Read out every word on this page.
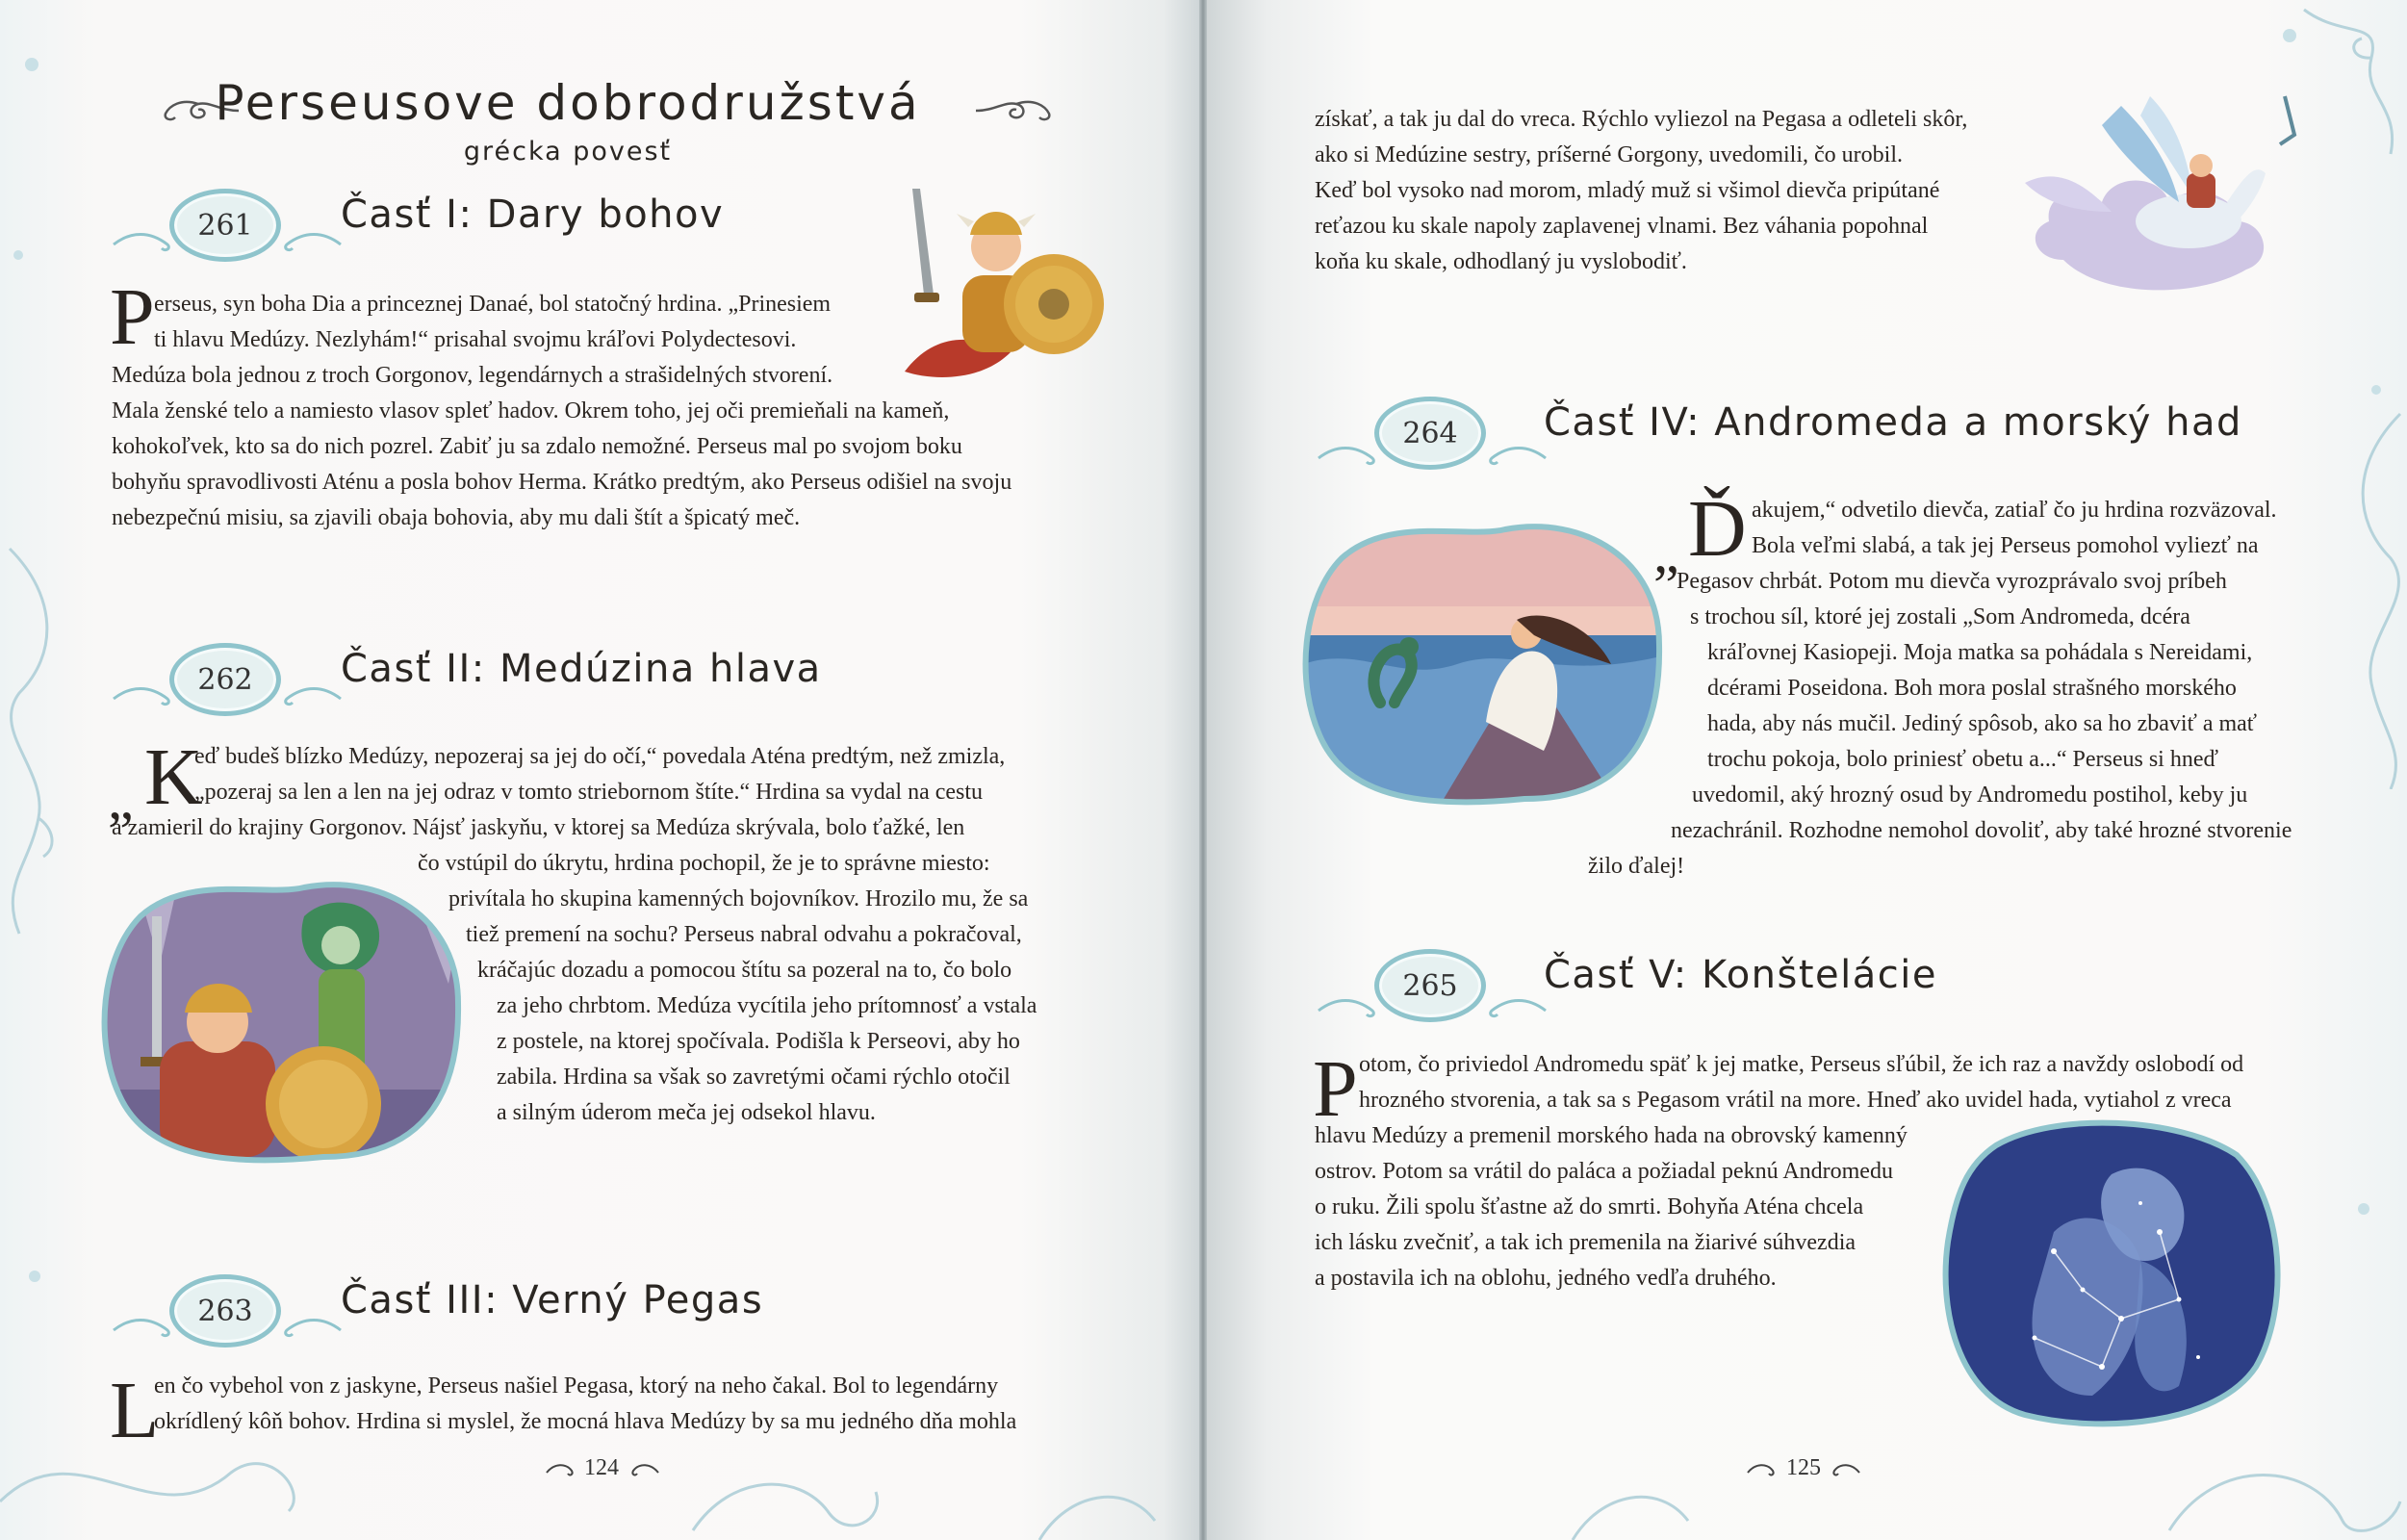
Perseusove dobrodružstvá
grécka povesť
261	Časť I: Dary bohov
P erseus, syn boha Dia a princeznej Danaé, bol statočný hrdina. „Prinesiem
ti hlavu Medúzy. Nezlyhám!“ prisahal svojmu kráľovi Polydectesovi.
Medúza bola jednou z troch Gorgonov, legendárnych a strašidelných stvorení.
Mala ženské telo a namiesto vlasov spleť hadov. Okrem toho, jej oči premieňali na kameň,
kohokoľvek, kto sa do nich pozrel. Zabiť ju sa zdalo nemožné. Perseus mal po svojom boku
bohyňu spravodlivosti Aténu a posla bohov Herma. Krátko predtým, ako Perseus odišiel na svoju
nebezpečnú misiu, sa zjavili obaja bohovia, aby mu dali štít a špicatý meč.
262	Časť II: Medúzina hlava
„ K
eď budeš blízko Medúzy, nepozeraj sa jej do očí,“ povedala Aténa predtým, než zmizla,
„pozeraj sa len a len na jej odraz v tomto striebornom štíte.“ Hrdina sa vydal na cestu
a zamieril do krajiny Gorgonov. Nájsť jaskyňu, v ktorej sa Medúza skrývala, bolo ťažké, len
čo vstúpil do úkrytu, hrdina pochopil, že je to správne miesto:
privítala ho skupina kamenných bojovníkov. Hrozilo mu, že sa
tiež premení na sochu? Perseus nabral odvahu a pokračoval,
kráčajúc dozadu a pomocou štítu sa pozeral na to, čo bolo
za jeho chrbtom. Medúza vycítila jeho prítomnosť a vstala
z postele, na ktorej spočívala. Podišla k Perseovi, aby ho
zabila. Hrdina sa však so zavretými očami rýchlo otočil
a silným úderom meča jej odsekol hlavu.
263	Časť III: Verný Pegas
L
en čo vybehol von z jaskyne, Perseus našiel Pegasa, ktorý na neho čakal. Bol to legendárny
okrídlený kôň bohov. Hrdina si myslel, že mocná hlava Medúzy by sa mu jedného dňa mohla
124
získať, a tak ju dal do vreca. Rýchlo vyliezol na Pegasa a odleteli skôr,
ako si Medúzine sestry, príšerné Gorgony, uvedomili, čo urobil.
Keď bol vysoko nad morom, mladý muž si všimol dievča pripútané
reťazou ku skale napoly zaplavenej vlnami. Bez váhania popohnal
koňa ku skale, odhodlaný ju vyslobodiť.
264	Časť IV: Andromeda a morský had
„ Ď akujem,“ odvetilo dievča, zatiaľ čo ju hrdina rozväzoval.
Bola veľmi slabá, a tak jej Perseus pomohol vyliezť na
Pegasov chrbát. Potom mu dievča vyrozprávalo svoj príbeh
s trochou síl, ktoré jej zostali „Som Andromeda, dcéra
kráľovnej Kasiopeji. Moja matka sa pohádala s Nereidami,
dcérami Poseidona. Boh mora poslal strašného morského
hada, aby nás mučil. Jediný spôsob, ako sa ho zbaviť a mať
trochu pokoja, bolo priniesť obetu a...“ Perseus si hneď
uvedomil, aký hrozný osud by Andromedu postihol, keby ju
nezachránil. Rozhodne nemohol dovoliť, aby také hrozné stvorenie
žilo ďalej!
265	Časť V: Konštelácie
P otom, čo priviedol Andromedu späť k jej matke, Perseus sľúbil, že ich raz a navždy oslobodí od
hrozného stvorenia, a tak sa s Pegasom vrátil na more. Hneď ako uvidel hada, vytiahol z vreca
hlavu Medúzy a premenil morského hada na obrovský kamenný
ostrov. Potom sa vrátil do paláca a požiadal peknú Andromedu
o ruku. Žili spolu šťastne až do smrti. Bohyňa Aténa chcela
ich lásku zvečniť, a tak ich premenila na žiarivé súhvezdia
a postavila ich na oblohu, jedného vedľa druhého.
125
